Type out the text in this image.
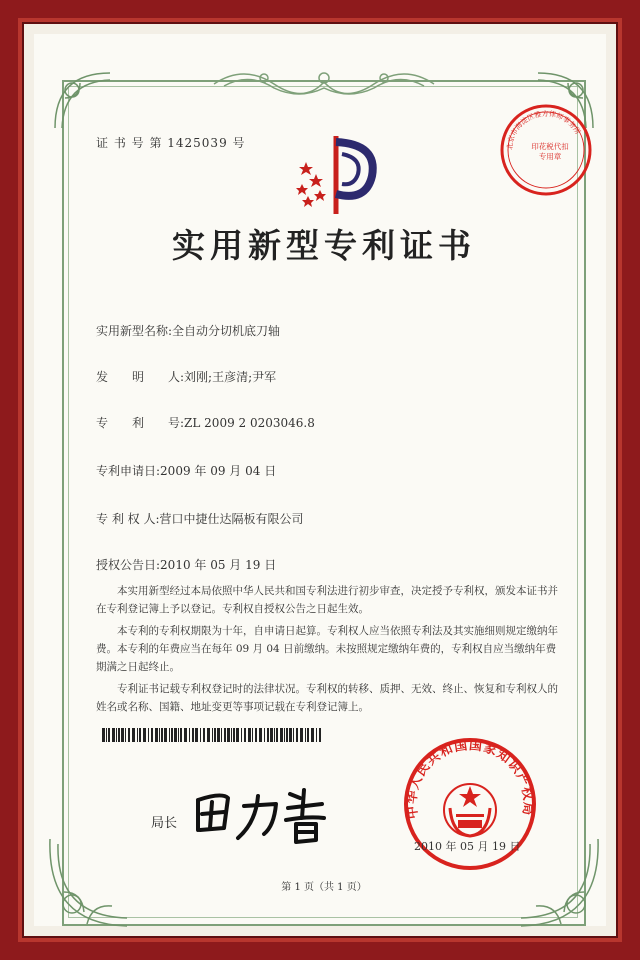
证 书 号 第 1425039 号	北京市海淀区雅方律师事务所
印花税代扣专用章
实用新型专利证书
实用新型名称:全自动分切机底刀轴
发　　明　　人:刘刚;王彦清;尹军
专　　利　　号:ZL 2009 2 0203046.8
专利申请日:2009 年 09 月 04 日
专 利 权 人:营口中捷仕达隔板有限公司
授权公告日:2010 年 05 月 19 日

本实用新型经过本局依照中华人民共和国专利法进行初步审查，决定授予专利权，颁发本证书并在专利登记簿上予以登记。专利权自授权公告之日起生效。

本专利的专利权期限为十年，自申请日起算。专利权人应当依照专利法及其实施细则规定缴纳年费。本专利的年费应当在每年 09 月 04 日前缴纳。未按照规定缴纳年费的，专利权自应当缴纳年费期满之日起终止。

专利证书记载专利权登记时的法律状况。专利权的转移、质押、无效、终止、恢复和专利权人的姓名或名称、国籍、地址变更等事项记载在专利登记簿上。

局长
中华人民共和国国家知识产权局
2010 年 05 月 19 日
第 1 页（共 1 页）
